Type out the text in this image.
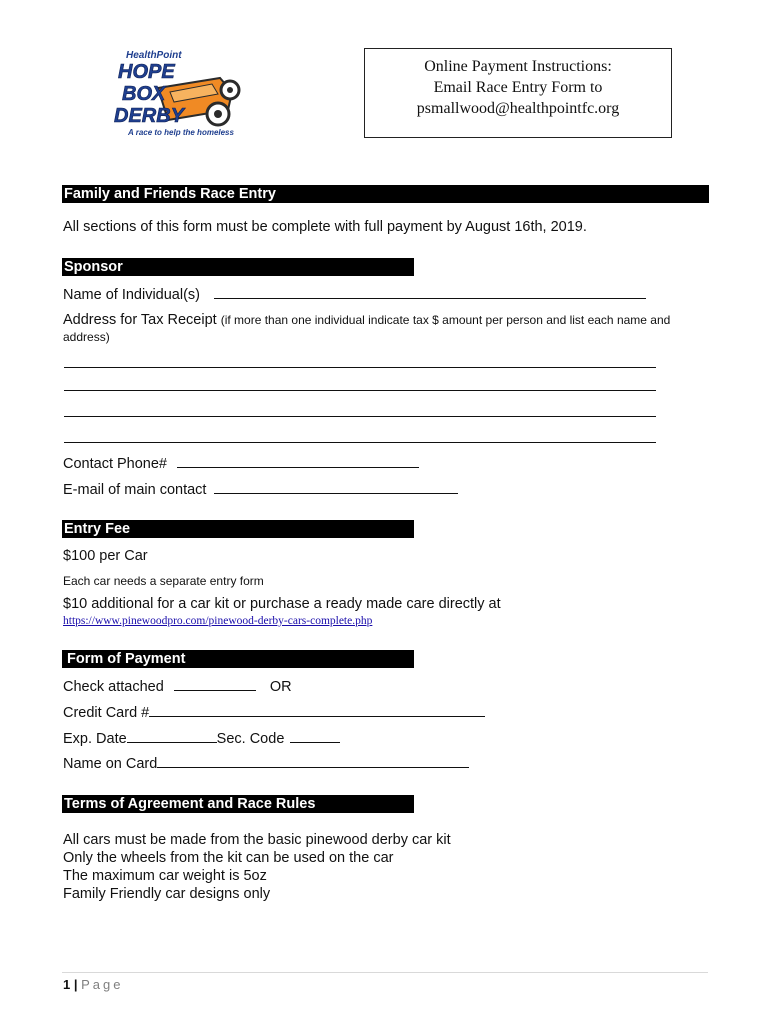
HealthPoint
HOPE
BOX
DERBY
A race to help the homeless
Online Payment Instructions:
Email Race Entry Form to
psmallwood@healthpointfc.org
Family and Friends Race Entry
All sections of this form must be complete with full payment by August 16th, 2019.
Sponsor
Name of Individual(s)
Address for Tax Receipt (if more than one individual indicate tax $ amount per person and list each name and
address)
Contact Phone#
E-mail of main contact
Entry Fee
$100 per Car
Each car needs a separate entry form
$10 additional for a car kit or purchase a ready made care directly at
https://www.pinewoodpro.com/pinewood-derby-cars-complete.php
Form of Payment
Check attached	OR
Credit Card #
Exp. Date	Sec. Code
Name on Card
Terms of Agreement and Race Rules
All cars must be made from the basic pinewood derby car kit
Only the wheels from the kit can be used on the car
The maximum car weight is 5oz
Family Friendly car designs only
1 | Page
